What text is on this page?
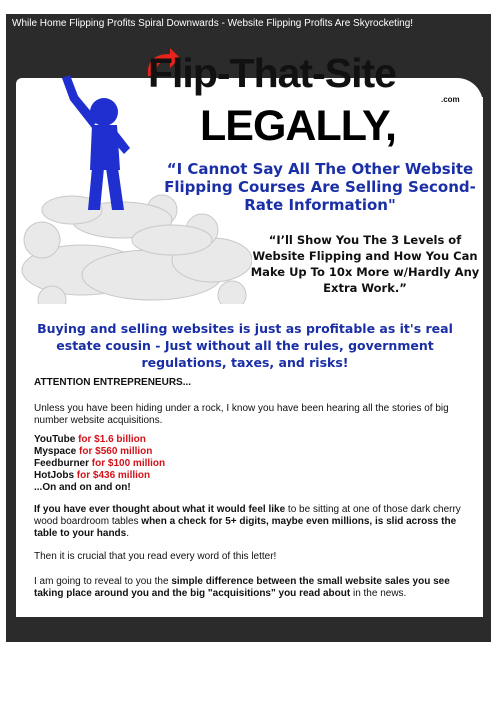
While Home Flipping Profits Spiral Downwards - Website Flipping Profits Are Skyrocketing!
Flip-That-Site
.com
LEGALLY,
“I Cannot Say All The Other Website Flipping Courses Are Selling Second-Rate Information"
“I’ll Show You The 3 Levels of Website Flipping and How You Can Make Up To 10x More w/Hardly Any Extra Work.”
Buying and selling websites is just as profitable as it's real estate cousin - Just without all the rules, government regulations, taxes, and risks!
ATTENTION ENTREPRENEURS...
Unless you have been hiding under a rock, I know you have been hearing all the stories of big number website acquisitions.
YouTube for $1.6 billion
Myspace for $560 million
Feedburner for $100 million
HotJobs for $436 million
...On and on and on!
If you have ever thought about what it would feel like to be sitting at one of those dark cherry wood boardroom tables when a check for 5+ digits, maybe even millions, is slid across the table to your hands.
Then it is crucial that you read every word of this letter!
I am going to reveal to you the simple difference between the small website sales you see taking place around you and the big "acquisitions" you read about in the news.
